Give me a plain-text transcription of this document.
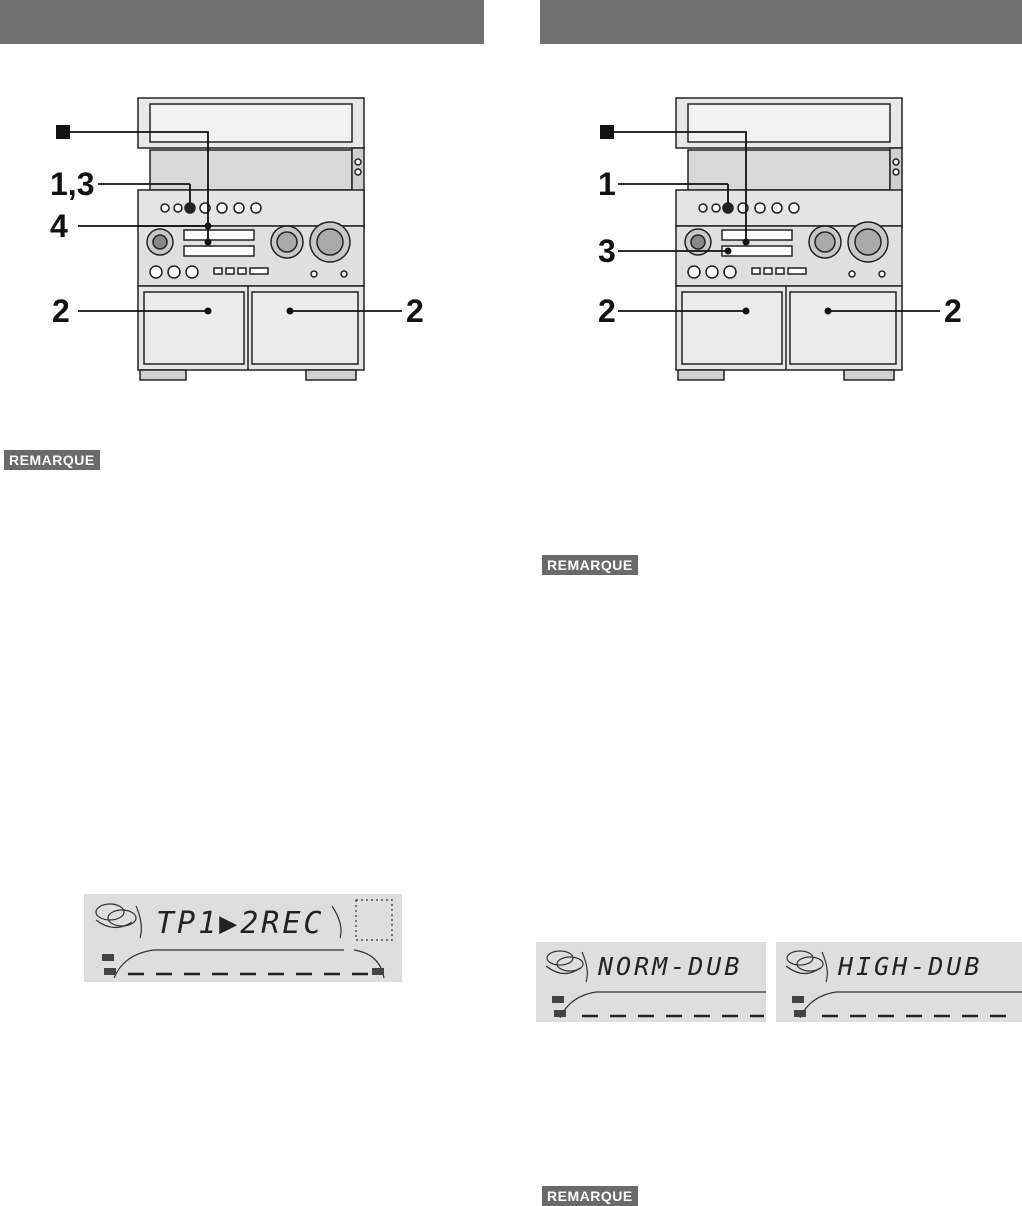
1,3
4
2	2
REMARQUE
TP1▶2REC
1
3
2	2
REMARQUE
NORM-DUB	HIGH-DUB
REMARQUE
